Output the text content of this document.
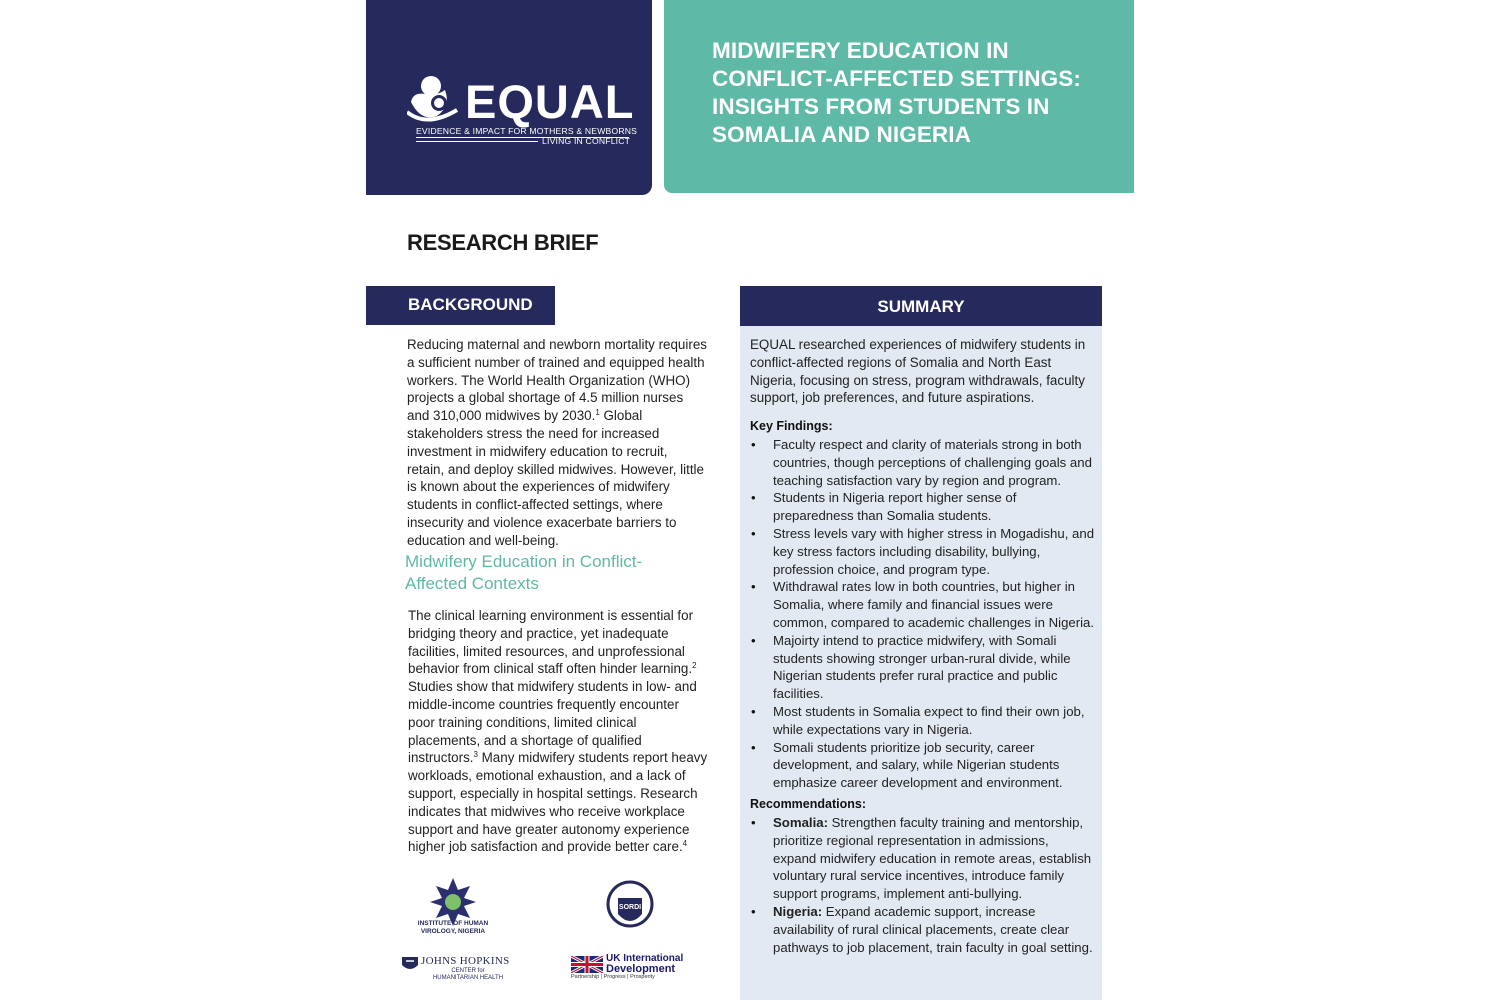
EQUAL
EVIDENCE & IMPACT FOR MOTHERS & NEWBORNS
LIVING IN CONFLICT
MIDWIFERY EDUCATION IN CONFLICT-AFFECTED SETTINGS: INSIGHTS FROM STUDENTS IN SOMALIA AND NIGERIA
RESEARCH BRIEF
BACKGROUND
Reducing maternal and newborn mortality requires a sufficient number of trained and equipped health workers. The World Health Organization (WHO) projects a global shortage of 4.5 million nurses and 310,000 midwives by 2030.$^1$ Global stakeholders stress the need for increased investment in midwifery education to recruit, retain, and deploy skilled midwives. However, little is known about the experiences of midwifery students in conflict-affected settings, where insecurity and violence exacerbate barriers to education and well-being.
Midwifery Education in Conflict-Affected Contexts
The clinical learning environment is essential for bridging theory and practice, yet inadequate facilities, limited resources, and unprofessional behavior from clinical staff often hinder learning.$^2$ Studies show that midwifery students in low- and middle-income countries frequently encounter poor training conditions, limited clinical placements, and a shortage of qualified instructors.$^3$ Many midwifery students report heavy workloads, emotional exhaustion, and a lack of support, especially in hospital settings. Research indicates that midwives who receive workplace support and have greater autonomy experience higher job satisfaction and provide better care.$^4$
SUMMARY
EQUAL researched experiences of midwifery students in conflict-affected regions of Somalia and North East Nigeria, focusing on stress, program withdrawals, faculty support, job preferences, and future aspirations.
Key Findings:
• Faculty respect and clarity of materials strong in both countries, though perceptions of challenging goals and teaching satisfaction vary by region and program.
• Students in Nigeria report higher sense of preparedness than Somalia students.
• Stress levels vary with higher stress in Mogadishu, and key stress factors including disability, bullying, profession choice, and program type.
• Withdrawal rates low in both countries, but higher in Somalia, where family and financial issues were common, compared to academic challenges in Nigeria.
• Majoirty intend to practice midwifery, with Somali students showing stronger urban-rural divide, while Nigerian students prefer rural practice and public facilities.
• Most students in Somalia expect to find their own job, while expectations vary in Nigeria.
• Somali students prioritize job security, career development, and salary, while Nigerian students emphasize career development and environment.
Recommendations:
• Somalia: Strengthen faculty training and mentorship, prioritize regional representation in admissions, expand midwifery education in remote areas, establish voluntary rural service incentives, introduce family support programs, implement anti-bullying.
• Nigeria: Expand academic support, increase availability of rural clinical placements, create clear pathways to job placement, train faculty in goal setting.
INSTITUTE OF HUMAN VIROLOGY, NIGERIA
SORDI
JOHNS HOPKINS
CENTER for HUMANITARIAN HEALTH
UK International
Development
Partnership | Progress | Prosperity
